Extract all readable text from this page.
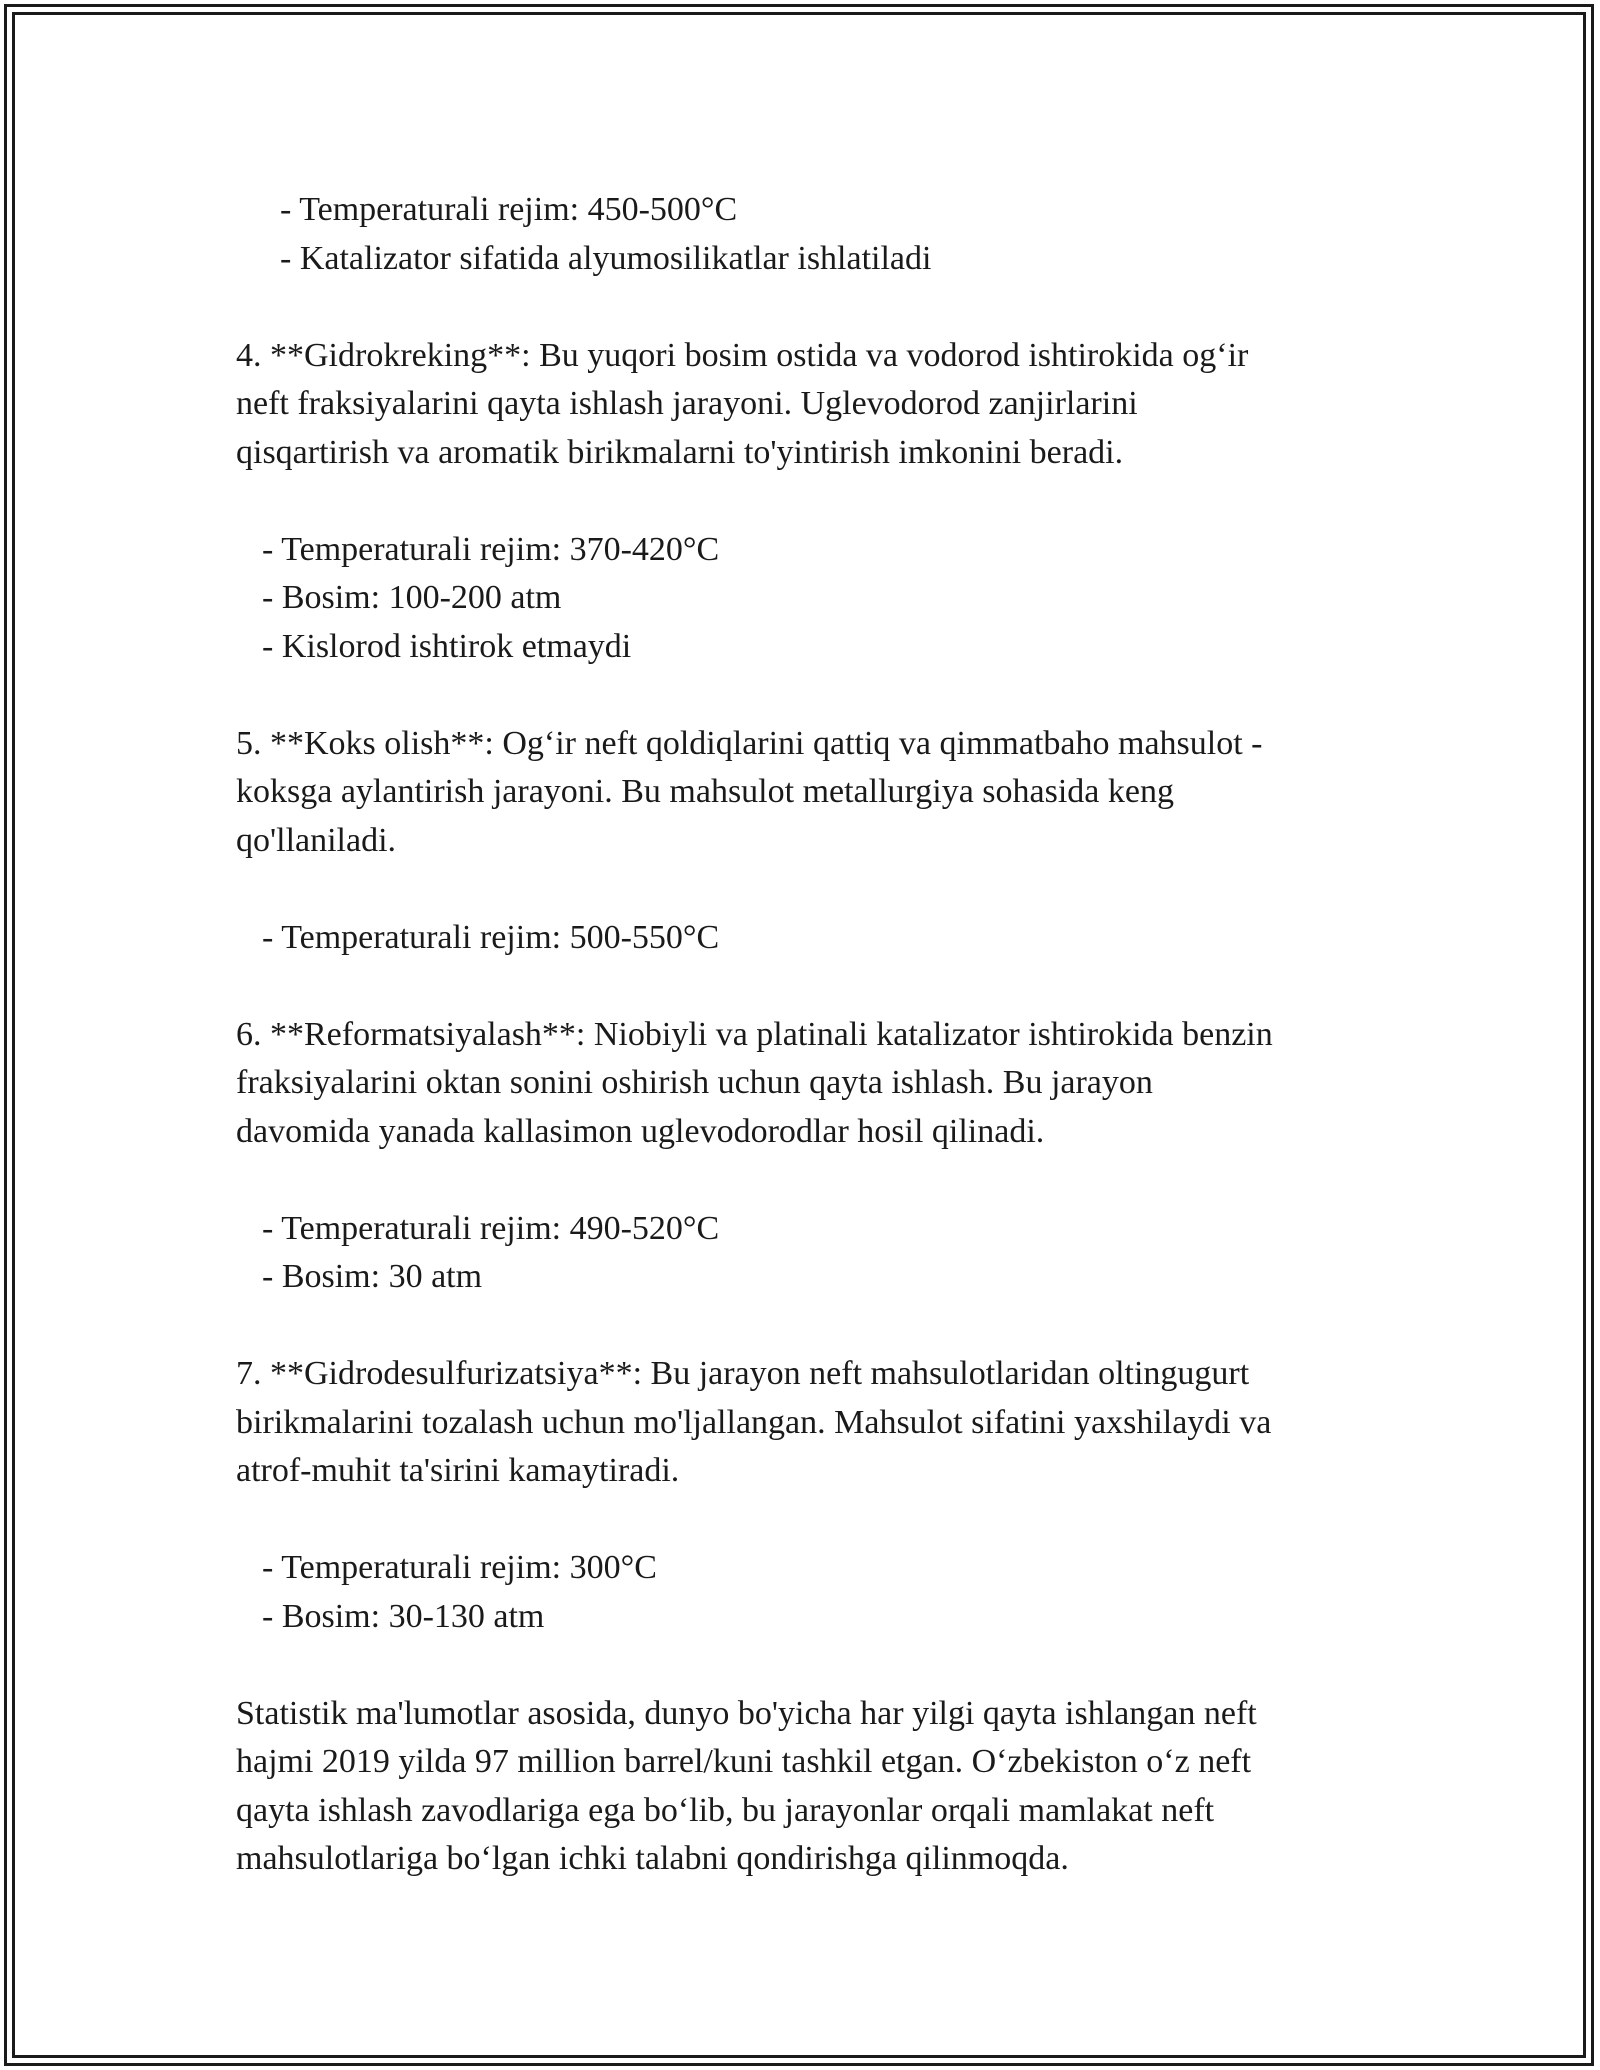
- Temperaturali rejim: 450-500°C

- Katalizator sifatida alyumosilikatlar ishlatiladi

4. **Gidrokreking**: Bu yuqori bosim ostida va vodorod ishtirokida og‘ir

neft fraksiyalarini qayta ishlash jarayoni. Uglevodorod zanjirlarini

qisqartirish va aromatik birikmalarni to'yintirish imkonini beradi.

- Temperaturali rejim: 370-420°C

- Bosim: 100-200 atm

- Kislorod ishtirok etmaydi

5. **Koks olish**: Og‘ir neft qoldiqlarini qattiq va qimmatbaho mahsulot -

koksga aylantirish jarayoni. Bu mahsulot metallurgiya sohasida keng

qo'llaniladi.

- Temperaturali rejim: 500-550°C

6. **Reformatsiyalash**: Niobiyli va platinali katalizator ishtirokida benzin

fraksiyalarini oktan sonini oshirish uchun qayta ishlash. Bu jarayon

davomida yanada kallasimon uglevodorodlar hosil qilinadi.

- Temperaturali rejim: 490-520°C

- Bosim: 30 atm

7. **Gidrodesulfurizatsiya**: Bu jarayon neft mahsulotlaridan oltingugurt

birikmalarini tozalash uchun mo'ljallangan. Mahsulot sifatini yaxshilaydi va

atrof-muhit ta'sirini kamaytiradi.

- Temperaturali rejim: 300°C

- Bosim: 30-130 atm

Statistik ma'lumotlar asosida, dunyo bo'yicha har yilgi qayta ishlangan neft

hajmi 2019 yilda 97 million barrel/kuni tashkil etgan. O‘zbekiston o‘z neft

qayta ishlash zavodlariga ega bo‘lib, bu jarayonlar orqali mamlakat neft

mahsulotlariga bo‘lgan ichki talabni qondirishga qilinmoqda.
